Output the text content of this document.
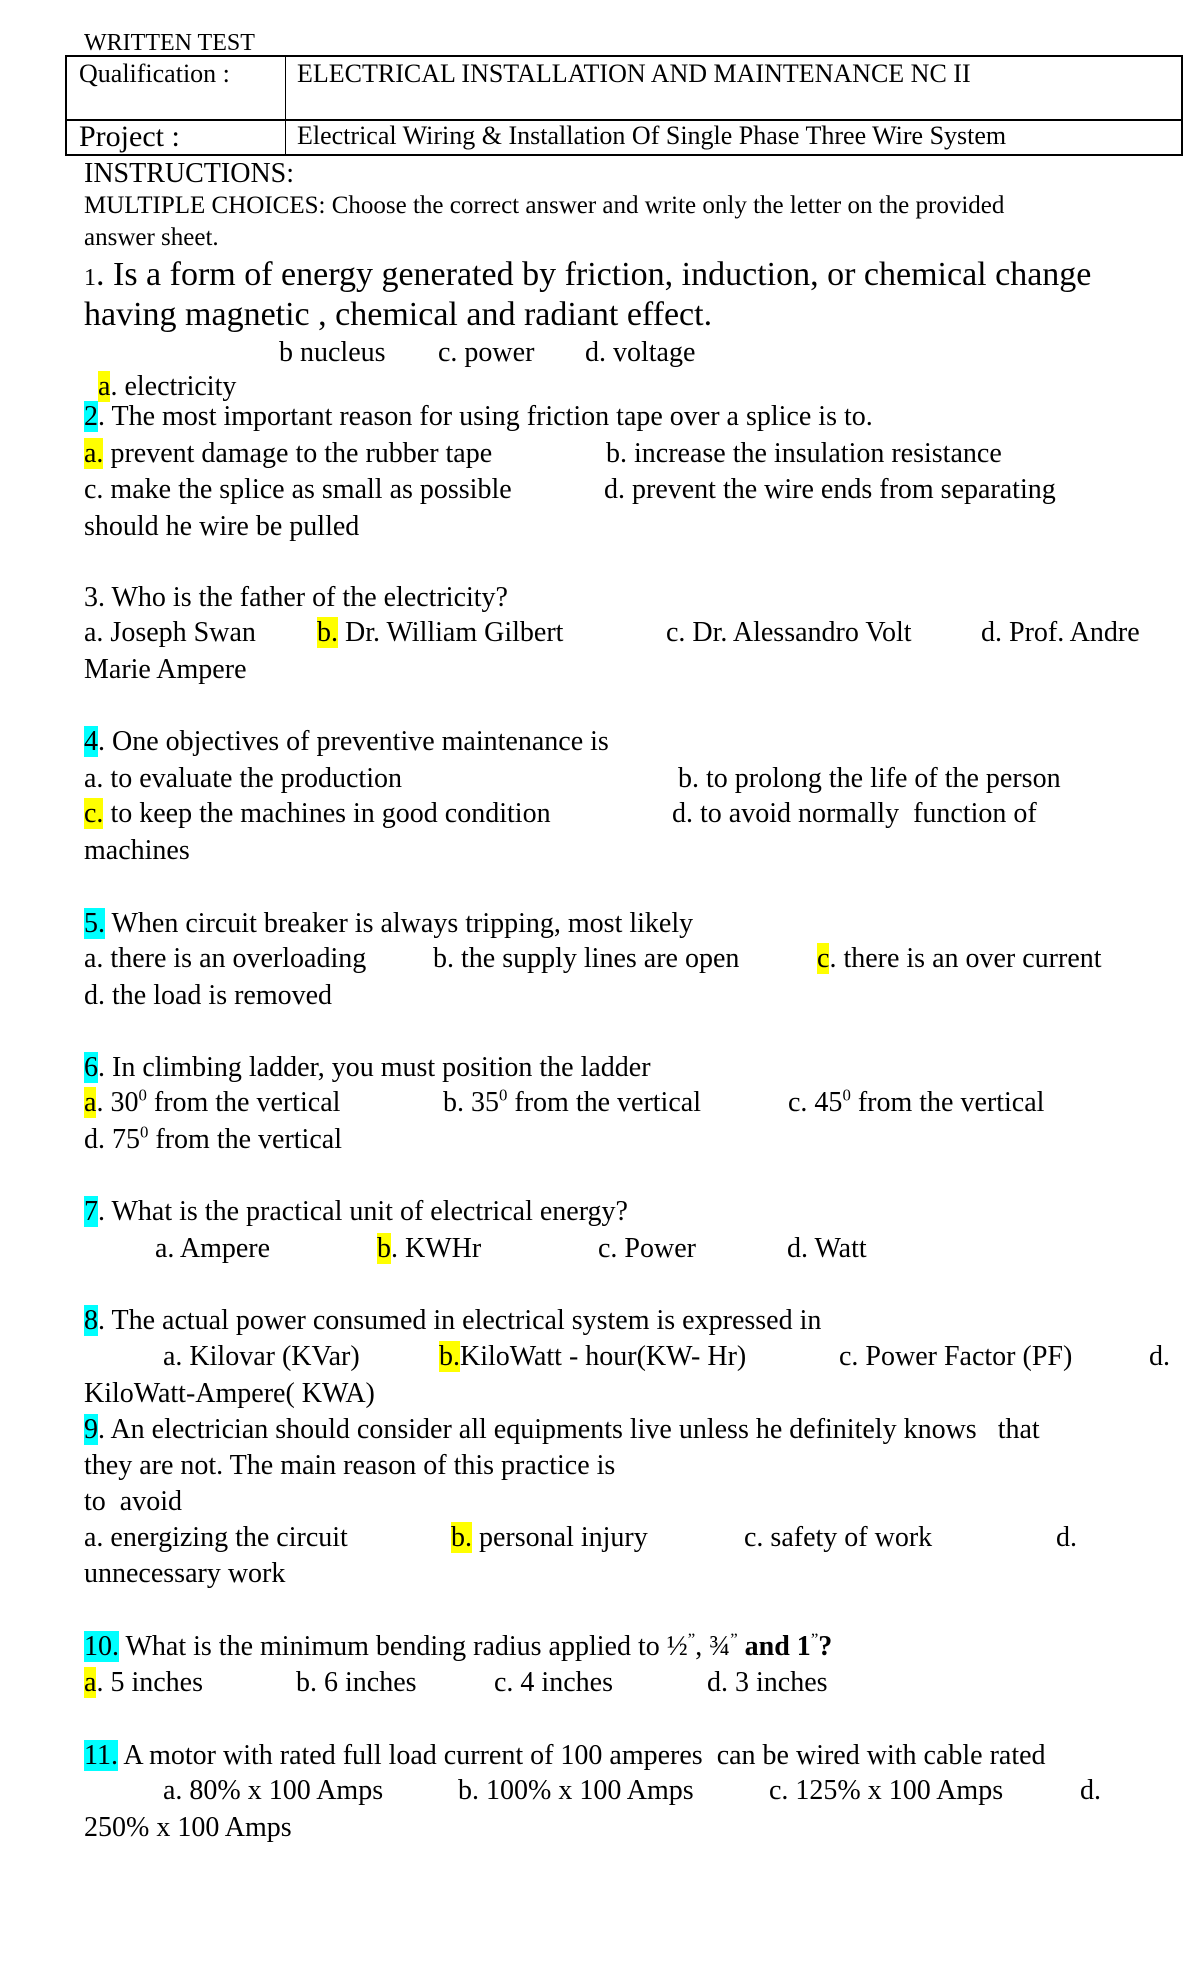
WRITTEN TEST
Qualification :	ELECTRICAL INSTALLATION AND MAINTENANCE NC II
Project :	Electrical Wiring & Installation Of Single Phase Three Wire System
INSTRUCTIONS:
MULTIPLE CHOICES: Choose the correct answer and write only the letter on the provided
answer sheet.
1. Is a form of energy generated by friction, induction, or chemical change
having magnetic , chemical and radiant effect.

a. electricity

b nucleus c. power d. voltage
2. The most important reason for using friction tape over a splice is to.
a. prevent damage to the rubber tape	b. increase the insulation resistance
c. make the splice as small as possible	d. prevent the wire ends from separating
should he wire be pulled
3. Who is the father of the electricity?
a. Joseph Swan b. Dr. William Gilbert	c. Dr. Alessandro Volt d. Prof. Andre
Marie Ampere
4. One objectives of preventive maintenance is
a. to evaluate the production	b. to prolong the life of the person
c. to keep the machines in good condition	d. to avoid normally  function of
machines
5. When circuit breaker is always tripping, most likely
a. there is an overloading b. the supply lines are open	c. there is an over current
d. the load is removed
6. In climbing ladder, you must position the ladder
a. $30^0$ from the vertical	b. $35^0$ from the vertical	c. $45^0$ from the vertical
d. $75^0$ from the vertical
7. What is the practical unit of electrical energy?
a. Ampere	b. KWHr	c. Power	d. Watt
8. The actual power consumed in electrical system is expressed in
a. Kilovar (KVar)	b.KiloWatt - hour(KW- Hr)	c. Power Factor (PF)	d.
KiloWatt-Ampere( KWA)
9. An electrician should consider all equipments live unless he definitely knows   that
they are not. The main reason of this practice is
to  avoid
a. energizing the circuit	b. personal injury	c. safety of work	d.
unnecessary work
10. What is the minimum bending radius applied to ½”, ¾” and 1”?
a. 5 inches	b. 6 inches	c. 4 inches	d. 3 inches
11. A motor with rated full load current of 100 amperes  can be wired with cable rated
a. 80% x 100 Amps	b. 100% x 100 Amps	c. 125% x 100 Amps	d.
250% x 100 Amps
